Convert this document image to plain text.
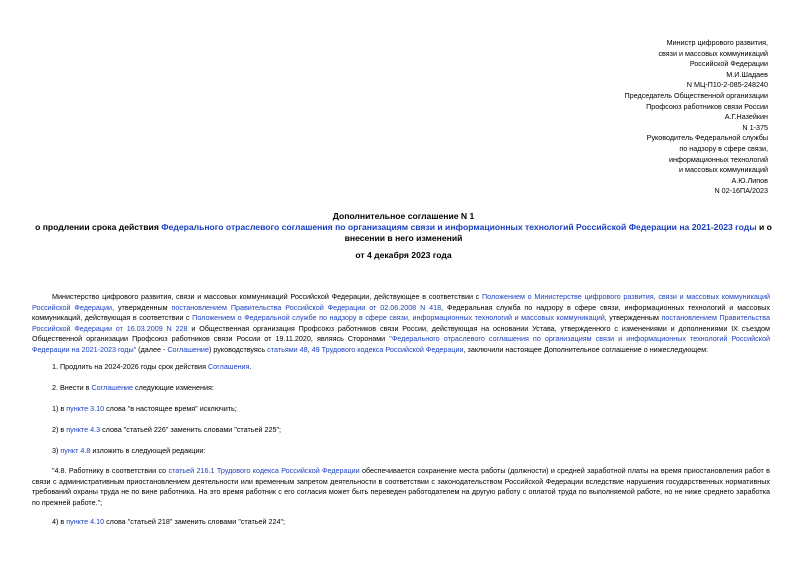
Министр цифрового развития,
связи и массовых коммуникаций
Российской Федерации
М.И.Шадаев
N МЦ-П10-2-085-248240
Председатель Общественной организации
Профсоюз работников связи России
А.Г.Назейкин
N 1-375
Руководитель Федеральной службы
по надзору в сфере связи,
информационных технологий
и массовых коммуникаций
А.Ю.Липов
N 02-16ПА/2023
Дополнительное соглашение N 1
о продлении срока действия Федерального отраслевого соглашения по организациям связи и информационных технологий Российской Федерации на 2021-2023 годы и о внесении в него изменений
от 4 декабря 2023 года
Министерство цифрового развития, связи и массовых коммуникаций Российской Федерации, действующее в соответствии с Положением о Министерстве цифрового развития, связи и массовых коммуникаций Российской Федерации, утвержденным постановлением Правительства Российской Федерации от 02.06.2008 N 418, Федеральная служба по надзору в сфере связи, информационных технологий и массовых коммуникаций, действующая в соответствии с Положением о Федеральной службе по надзору в сфере связи, информационных технологий и массовых коммуникаций, утвержденным постановлением Правительства Российской Федерации от 16.03.2009 N 228 и Общественная организация Профсоюз работников связи России, действующая на основании Устава, утвержденного с изменениями и дополнениями IX съездом Общественной организации Профсоюз работников связи России от 19.11.2020, являясь Сторонами "Федерального отраслевого соглашения по организациям связи и информационных технологий Российской Федерации на 2021-2023 годы" (далее - Соглашение) руководствуясь статьями 48, 49 Трудового кодекса Российской Федерации, заключили настоящее Дополнительное соглашение о нижеследующем:
1. Продлить на 2024-2026 годы срок действия Соглашения.
2. Внести в Соглашение следующие изменения:
1) в пункте 3.10 слова "в настоящее время" исключить;
2) в пункте 4.3 слова "статьей 226" заменить словами "статьей 225";
3) пункт 4.8 изложить в следующей редакции:
"4.8. Работнику в соответствии со статьей 216.1 Трудового кодекса Российской Федерации обеспечивается сохранение места работы (должности) и средней заработной платы на время приостановления работ в связи с административным приостановлением деятельности или временным запретом деятельности в соответствии с законодательством Российской Федерации вследствие нарушения государственных нормативных требований охраны труда не по вине работника. На это время работник с его согласия может быть переведен работодателем на другую работу с оплатой труда по выполняемой работе, но не ниже среднего заработка по прежней работе.";
4) в пункте 4.10 слова "статьей 218" заменить словами "статьей 224";
